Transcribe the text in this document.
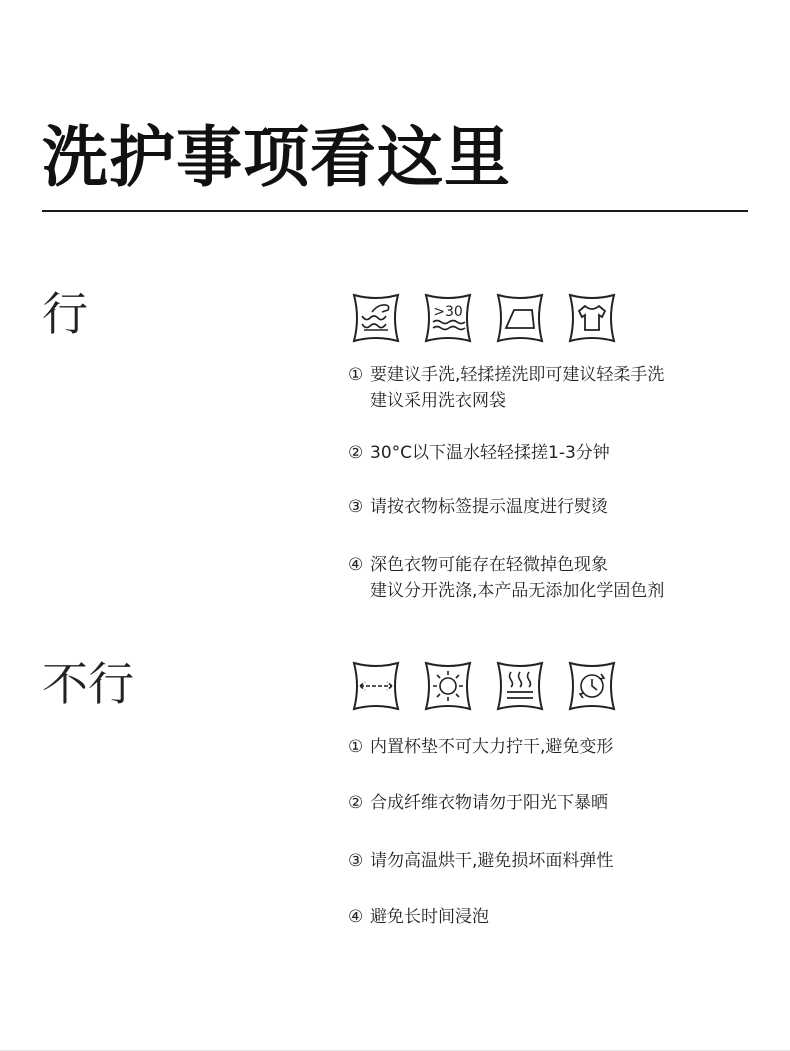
洗护事项看这里
行	>30
① 要建议手洗,轻揉搓洗即可建议轻柔手洗
建议采用洗衣网袋
② 30°C以下温水轻轻揉搓1-3分钟
③ 请按衣物标签提示温度进行熨烫
④ 深色衣物可能存在轻微掉色现象
建议分开洗涤,本产品无添加化学固色剂
不行
① 内置杯垫不可大力拧干,避免变形
② 合成纤维衣物请勿于阳光下暴晒
③ 请勿高温烘干,避免损坏面料弹性
④ 避免长时间浸泡
